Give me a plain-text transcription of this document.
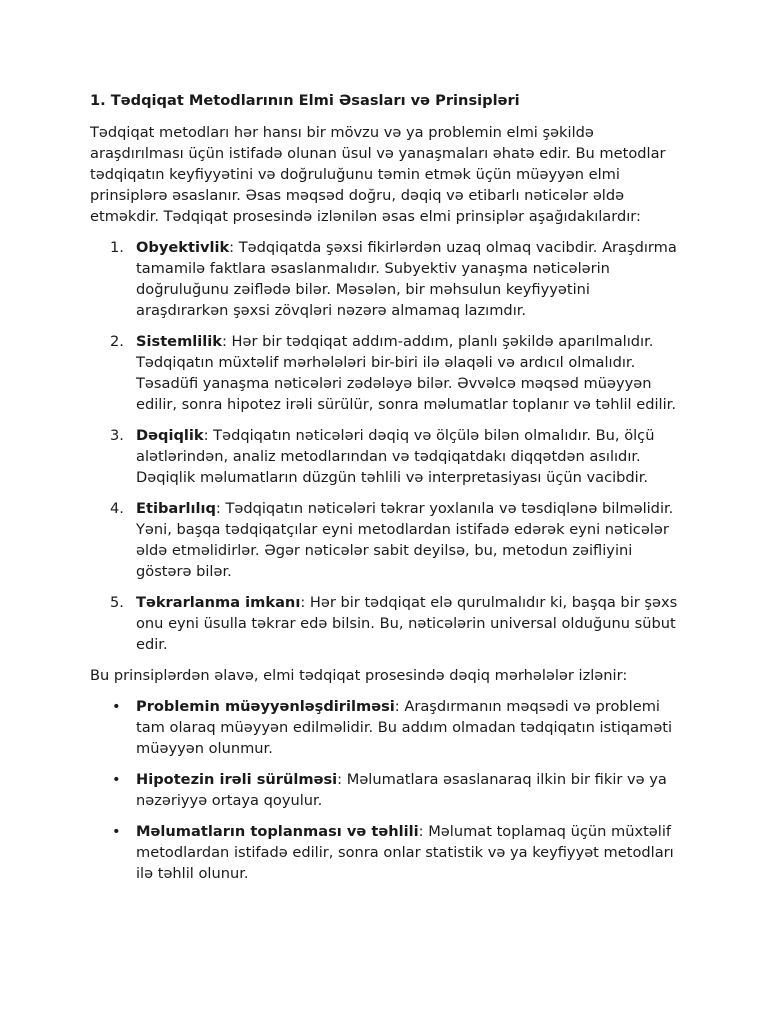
1. Tədqiqat Metodlarının Elmi Əsasları və Prinsipləri

Tədqiqat metodları hər hansı bir mövzu və ya problemin elmi şəkildə araşdırılması üçün istifadə olunan üsul və yanaşmaları əhatə edir. Bu metodlar tədqiqatın keyfiyyətini və doğruluğunu təmin etmək üçün müəyyən elmi prinsiplərə əsaslanır. Əsas məqsəd doğru, dəqiq və etibarlı nəticələr əldə etməkdir. Tədqiqat prosesində izlənilən əsas elmi prinsiplər aşağıdakılardır:

1. Obyektivlik: Tədqiqatda şəxsi fikirlərdən uzaq olmaq vacibdir. Araşdırma tamamilə faktlara əsaslanmalıdır. Subyektiv yanaşma nəticələrin doğruluğunu zəiflədə bilər. Məsələn, bir məhsulun keyfiyyətini araşdırarkən şəxsi zövqləri nəzərə almamaq lazımdır.
2. Sistemlilik: Hər bir tədqiqat addım-addım, planlı şəkildə aparılmalıdır. Tədqiqatın müxtəlif mərhələləri bir-biri ilə əlaqəli və ardıcıl olmalıdır. Təsadüfi yanaşma nəticələri zədələyə bilər. Əvvəlcə məqsəd müəyyən edilir, sonra hipotez irəli sürülür, sonra məlumatlar toplanır və təhlil edilir.
3. Dəqiqlik: Tədqiqatın nəticələri dəqiq və ölçülə bilən olmalıdır. Bu, ölçü alətlərindən, analiz metodlarından və tədqiqatdakı diqqətdən asılıdır. Dəqiqlik məlumatların düzgün təhlili və interpretasiyası üçün vacibdir.
4. Etibarlılıq: Tədqiqatın nəticələri təkrar yoxlanıla və təsdiqlənə bilməlidir. Yəni, başqa tədqiqatçılar eyni metodlardan istifadə edərək eyni nəticələr əldə etməlidirlər. Əgər nəticələr sabit deyilsə, bu, metodun zəifliyini göstərə bilər.
5. Təkrarlanma imkanı: Hər bir tədqiqat elə qurulmalıdır ki, başqa bir şəxs onu eyni üsulla təkrar edə bilsin. Bu, nəticələrin universal olduğunu sübut edir.

Bu prinsiplərdən əlavə, elmi tədqiqat prosesində dəqiq mərhələlər izlənir:

• Problemin müəyyənləşdirilməsi: Araşdırmanın məqsədi və problemi tam olaraq müəyyən edilməlidir. Bu addım olmadan tədqiqatın istiqaməti müəyyən olunmur.
• Hipotezin irəli sürülməsi: Məlumatlara əsaslanaraq ilkin bir fikir və ya nəzəriyyə ortaya qoyulur.
• Məlumatların toplanması və təhlili: Məlumat toplamaq üçün müxtəlif metodlardan istifadə edilir, sonra onlar statistik və ya keyfiyyət metodları ilə təhlil olunur.
